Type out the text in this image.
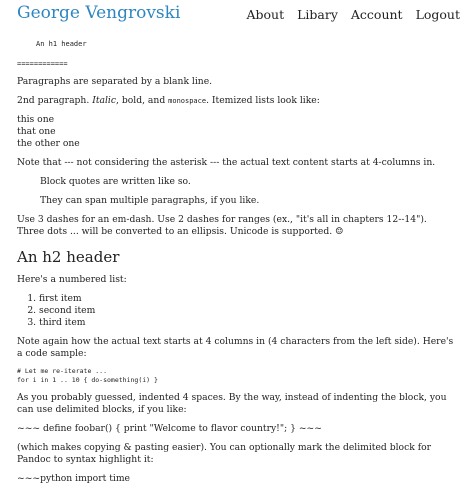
George Vengrovski	About Libary Account Logout
An h1 header
============

Paragraphs are separated by a blank line.

2nd paragraph. Italic, bold, and monospace. Itemized lists look like:

this one
that one
the other one

Note that --- not considering the asterisk --- the actual text content starts at 4-columns in.

Block quotes are written like so.

They can span multiple paragraphs, if you like.

Use 3 dashes for an em-dash. Use 2 dashes for ranges (ex., "it's all in chapters 12--14"). Three dots ... will be converted to an ellipsis. Unicode is supported. ☺

An h2 header

Here's a numbered list:

1. first item
2. second item
3. third item

Note again how the actual text starts at 4 columns in (4 characters from the left side). Here's a code sample:

# Let me re-iterate ...
for i in 1 .. 10 { do-something(i) }

As you probably guessed, indented 4 spaces. By the way, instead of indenting the block, you can use delimited blocks, if you like:

~~~ define foobar() { print "Welcome to flavor country!"; } ~~~

(which makes copying & pasting easier). You can optionally mark the delimited block for Pandoc to syntax highlight it:

~~~python import time
